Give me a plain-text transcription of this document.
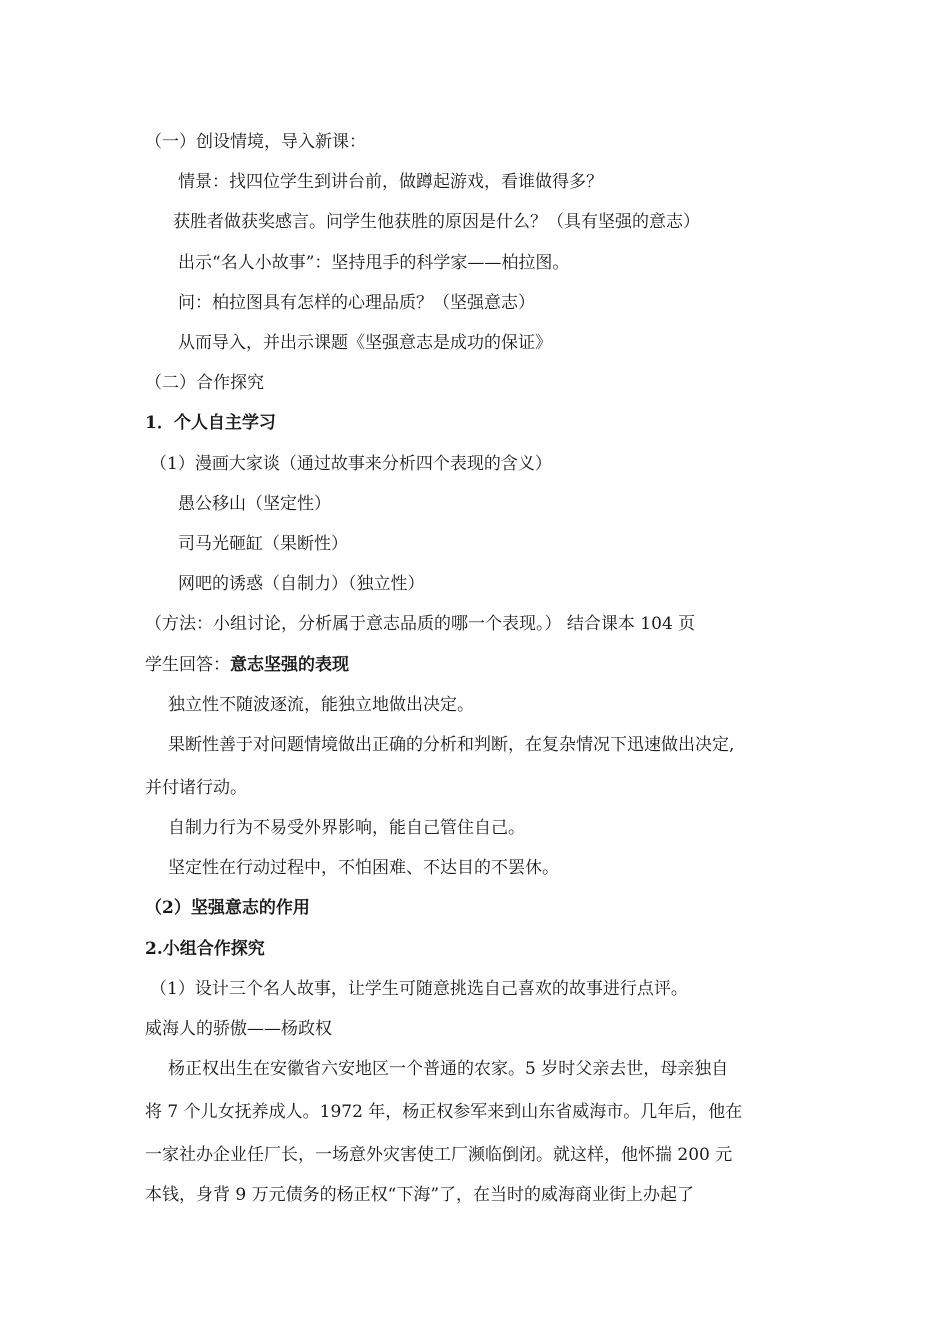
（一）创设情境，导入新课：
情景：找四位学生到讲台前，做蹲起游戏，看谁做得多？
获胜者做获奖感言。问学生他获胜的原因是什么？（具有坚强的意志）
出示“名人小故事”：坚持甩手的科学家——柏拉图。
问：柏拉图具有怎样的心理品质？（坚强意志）
从而导入，并出示课题《坚强意志是成功的保证》
（二）合作探究
1．个人自主学习
（1）漫画大家谈（通过故事来分析四个表现的含义）
愚公移山（坚定性）
司马光砸缸（果断性）
网吧的诱惑（自制力）（独立性）
（方法：小组讨论，分析属于意志品质的哪一个表现。） 结合课本 104 页
学生回答：意志坚强的表现
独立性不随波逐流，能独立地做出决定。
果断性善于对问题情境做出正确的分析和判断，在复杂情况下迅速做出决定,
并付诸行动。
自制力行为不易受外界影响，能自己管住自己。
坚定性在行动过程中，不怕困难、不达目的不罢休。
（2）坚强意志的作用
2.小组合作探究
（1）设计三个名人故事，让学生可随意挑选自己喜欢的故事进行点评。
威海人的骄傲——杨政权
杨正权出生在安徽省六安地区一个普通的农家。5 岁时父亲去世，母亲独自
将 7 个儿女抚养成人。1972 年，杨正权参军来到山东省威海市。几年后，他在
一家社办企业任厂长，一场意外灾害使工厂濒临倒闭。就这样，他怀揣 200 元
本钱，身背 9 万元债务的杨正权“下海”了，在当时的威海商业街上办起了
